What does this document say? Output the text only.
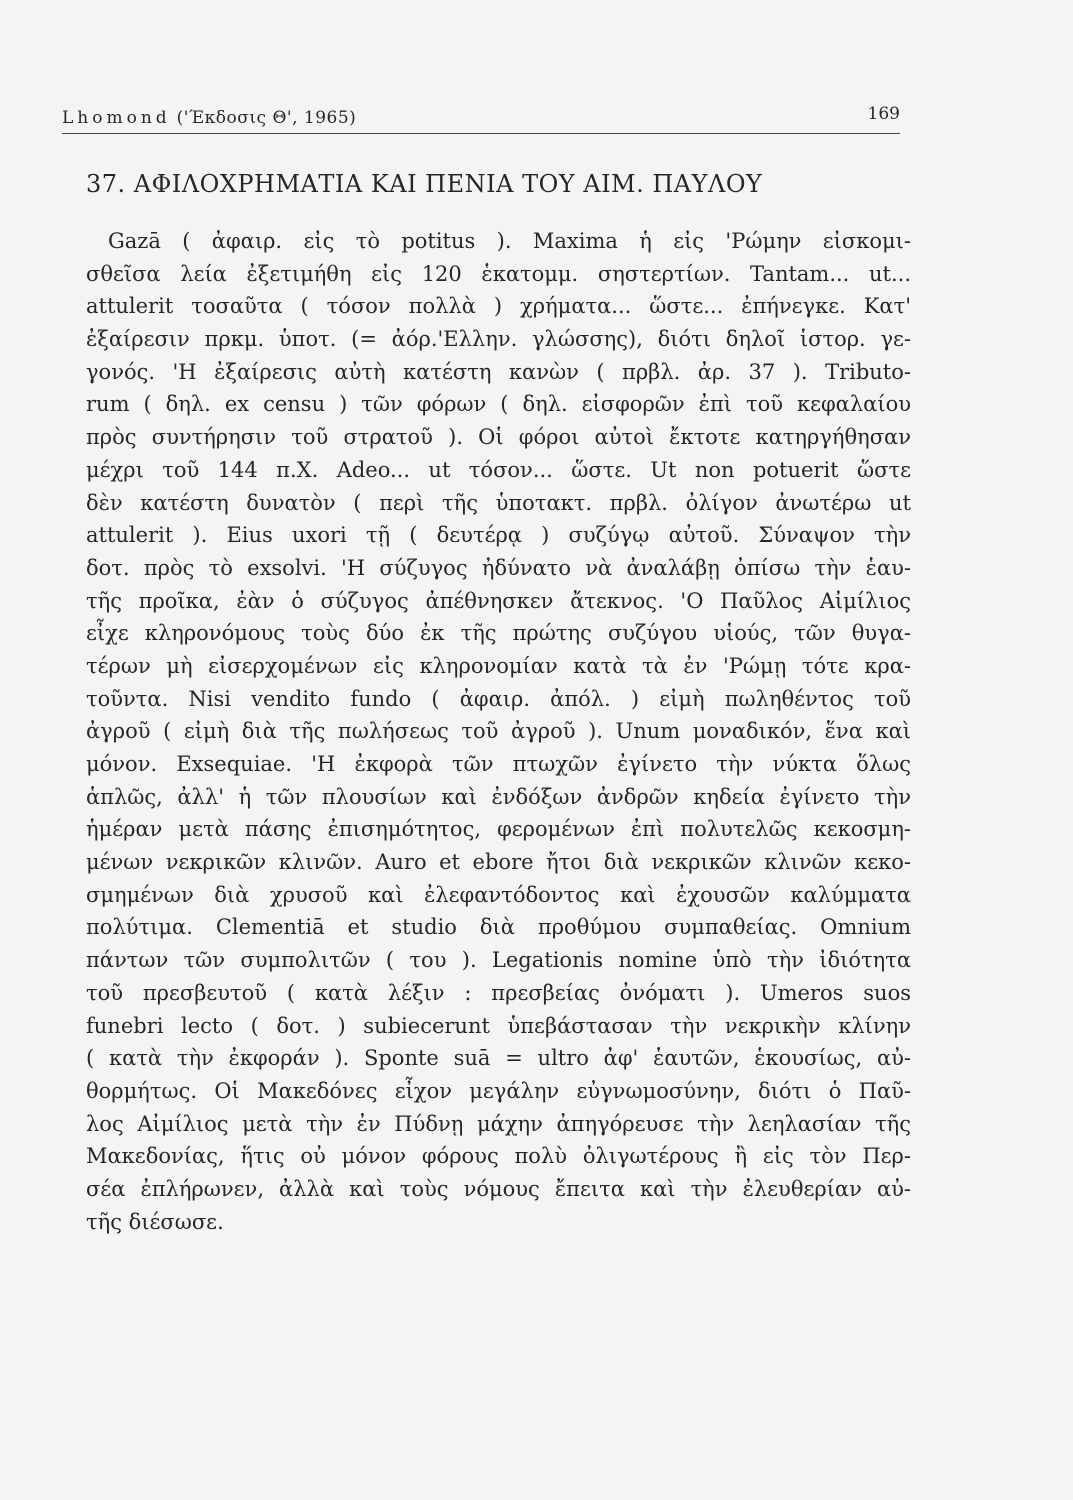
Lhomond ('Έκδοσις Θ', 1965)	169
37. ΑΦΙΛΟΧΡΗΜΑΤΙΑ ΚΑΙ ΠΕΝΙΑ ΤΟΥ ΑΙΜ. ΠΑΥΛΟΥ
Gazā ( ἀφαιρ. εἰς τὸ potitus ). Maxima ἡ εἰς 'Ρώμην εἰσκομι-
σθεῖσα λεία ἐξετιμήθη εἰς 120 ἑκατομμ. σηστερτίων. Tantam... ut...
attulerit τοσαῦτα ( τόσον πολλὰ ) χρήματα... ὥστε... ἐπήνεγκε. Κατ'
ἐξαίρεσιν πρκμ. ὑποτ. (= ἀόρ.'Ελλην. γλώσσης), διότι δηλοῖ ἱστορ. γε-
γονός. 'Η ἐξαίρεσις αὐτὴ κατέστη κανὼν ( πρβλ. ἀρ. 37 ). Tributo-
rum ( δηλ. ex censu ) τῶν φόρων ( δηλ. εἰσφορῶν ἐπὶ τοῦ κεφαλαίου
πρὸς συντήρησιν τοῦ στρατοῦ ). Οἱ φόροι αὐτοὶ ἔκτοτε κατηργήθησαν
μέχρι τοῦ 144 π.Χ. Adeo... ut τόσον... ὥστε. Ut non potuerit ὥστε
δὲν κατέστη δυνατὸν ( περὶ τῆς ὑποτακτ. πρβλ. ὀλίγον ἀνωτέρω ut
attulerit ). Eius uxori τῇ ( δευτέρᾳ ) συζύγῳ αὐτοῦ. Σύναψον τὴν
δοτ. πρὸς τὸ exsolvi. 'Η σύζυγος ἠδύνατο νὰ ἀναλάβῃ ὀπίσω τὴν ἑαυ-
τῆς προῖκα, ἐὰν ὁ σύζυγος ἀπέθνησκεν ἄτεκνος. 'Ο Παῦλος Αἰμίλιος
εἶχε κληρονόμους τοὺς δύο ἐκ τῆς πρώτης συζύγου υἱούς, τῶν θυγα-
τέρων μὴ εἰσερχομένων εἰς κληρονομίαν κατὰ τὰ ἐν 'Ρώμῃ τότε κρα-
τοῦντα. Nisi vendito fundo ( ἀφαιρ. ἀπόλ. ) εἰμὴ πωληθέντος τοῦ
ἀγροῦ ( εἰμὴ διὰ τῆς πωλήσεως τοῦ ἀγροῦ ). Unum μοναδικόν, ἕνα καὶ
μόνον. Exsequiae. 'Η ἐκφορὰ τῶν πτωχῶν ἐγίνετο τὴν νύκτα ὅλως
ἁπλῶς, ἀλλ' ἡ τῶν πλουσίων καὶ ἐνδόξων ἀνδρῶν κηδεία ἐγίνετο τὴν
ἡμέραν μετὰ πάσης ἐπισημότητος, φερομένων ἐπὶ πολυτελῶς κεκοσμη-
μένων νεκρικῶν κλινῶν. Auro et ebore ἤτοι διὰ νεκρικῶν κλινῶν κεκο-
σμημένων διὰ χρυσοῦ καὶ ἐλεφαντόδοντος καὶ ἐχουσῶν καλύμματα
πολύτιμα. Clementiā et studio διὰ προθύμου συμπαθείας. Omnium
πάντων τῶν συμπολιτῶν ( του ). Legationis nomine ὑπὸ τὴν ἰδιότητα
τοῦ πρεσβευτοῦ ( κατὰ λέξιν : πρεσβείας ὀνόματι ). Umeros suos
funebri lecto ( δοτ. ) subiecerunt ὑπεβάστασαν τὴν νεκρικὴν κλίνην
( κατὰ τὴν ἐκφοράν ). Sponte suā = ultro ἀφ' ἑαυτῶν, ἑκουσίως, αὐ-
θορμήτως. Οἱ Μακεδόνες εἶχον μεγάλην εὐγνωμοσύνην, διότι ὁ Παῦ-
λος Αἰμίλιος μετὰ τὴν ἐν Πύδνῃ μάχην ἀπηγόρευσε τὴν λεηλασίαν τῆς
Μακεδονίας, ἥτις οὐ μόνον φόρους πολὺ ὀλιγωτέρους ἢ εἰς τὸν Περ-
σέα ἐπλήρωνεν, ἀλλὰ καὶ τοὺς νόμους ἔπειτα καὶ τὴν ἐλευθερίαν αὐ-
τῆς διέσωσε.
